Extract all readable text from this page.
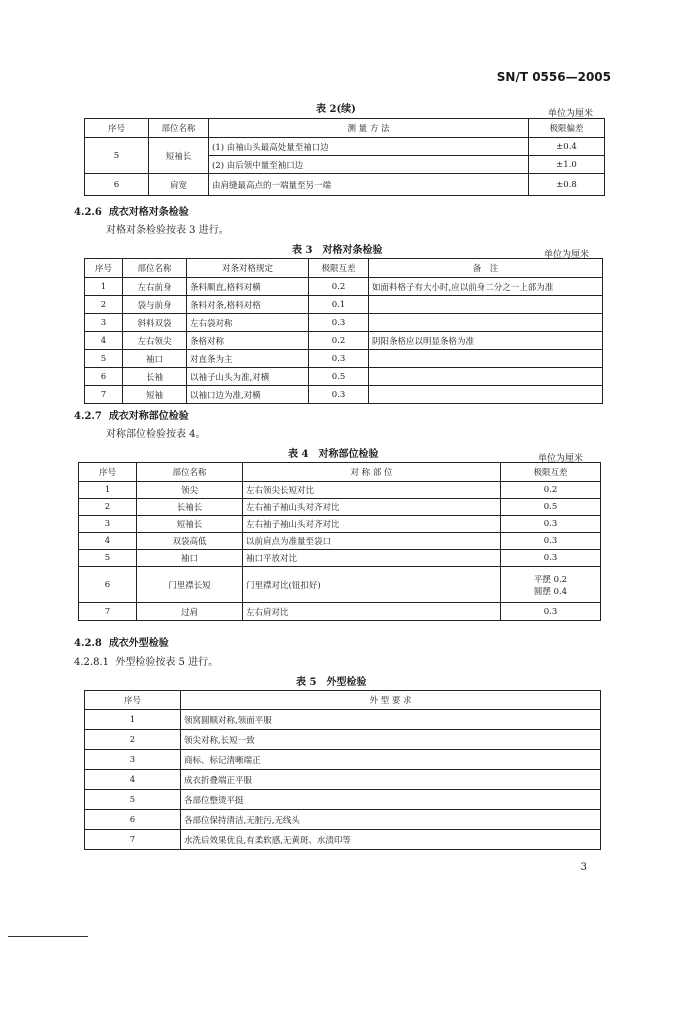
SN/T 0556—2005
表 2(续)	单位为厘米
序号	部位名称	测 量 方 法	极限偏差
5	短袖长	(1) 由袖山头最高处量至袖口边	±0.4
		(2) 由后领中量至袖口边	±1.0
6	肩宽	由肩缝最高点的一端量至另一端	±0.8
4.2.6 成衣对格对条检验
对格对条检验按表 3 进行。
表 3　对格对条检验	单位为厘米
序号	部位名称	对条对格规定	极限互差	备　注
1	左右前身	条料顺直,格料对横	0.2	如面料格子有大小时,应以前身二分之一上部为准
2	袋与前身	条料对条,格料对格	0.1	
3	斜料双袋	左右袋对称	0.3	
4	左右领尖	条格对称	0.2	阴阳条格应以明显条格为准
5	袖口	对直条为主	0.3	
6	长袖	以袖子山头为准,对横	0.5	
7	短袖	以袖口边为准,对横	0.3	
4.2.7 成衣对称部位检验
对称部位检验按表 4。
表 4　对称部位检验	单位为厘米
序号	部位名称	对 称 部 位	极限互差
1	领尖	左右领尖长短对比	0.2
2	长袖长	左右袖子袖山头对齐对比	0.5
3	短袖长	左右袖子袖山头对齐对比	0.3
4	双袋高低	以前肩点为准量至袋口	0.3
5	袖口	袖口平放对比	0.3
6	门里襟长短	门里襟对比(钮扣好)	平摆 0.2
圆摆 0.4

7	过肩	左右肩对比	0.3
4.2.8 成衣外型检验
4.2.8.1 外型检验按表 5 进行。
表 5　外型检验
序号	外 型 要 求
1	领窝圆顺对称,领面平服
2	领尖对称,长短一致
3	商标、标记清晰端正
4	成衣折叠端正平服
5	各部位整烫平挺
6	各部位保持清洁,无脏污,无线头
7	水洗后效果优良,有柔软感,无黄斑、水渍印等
3
